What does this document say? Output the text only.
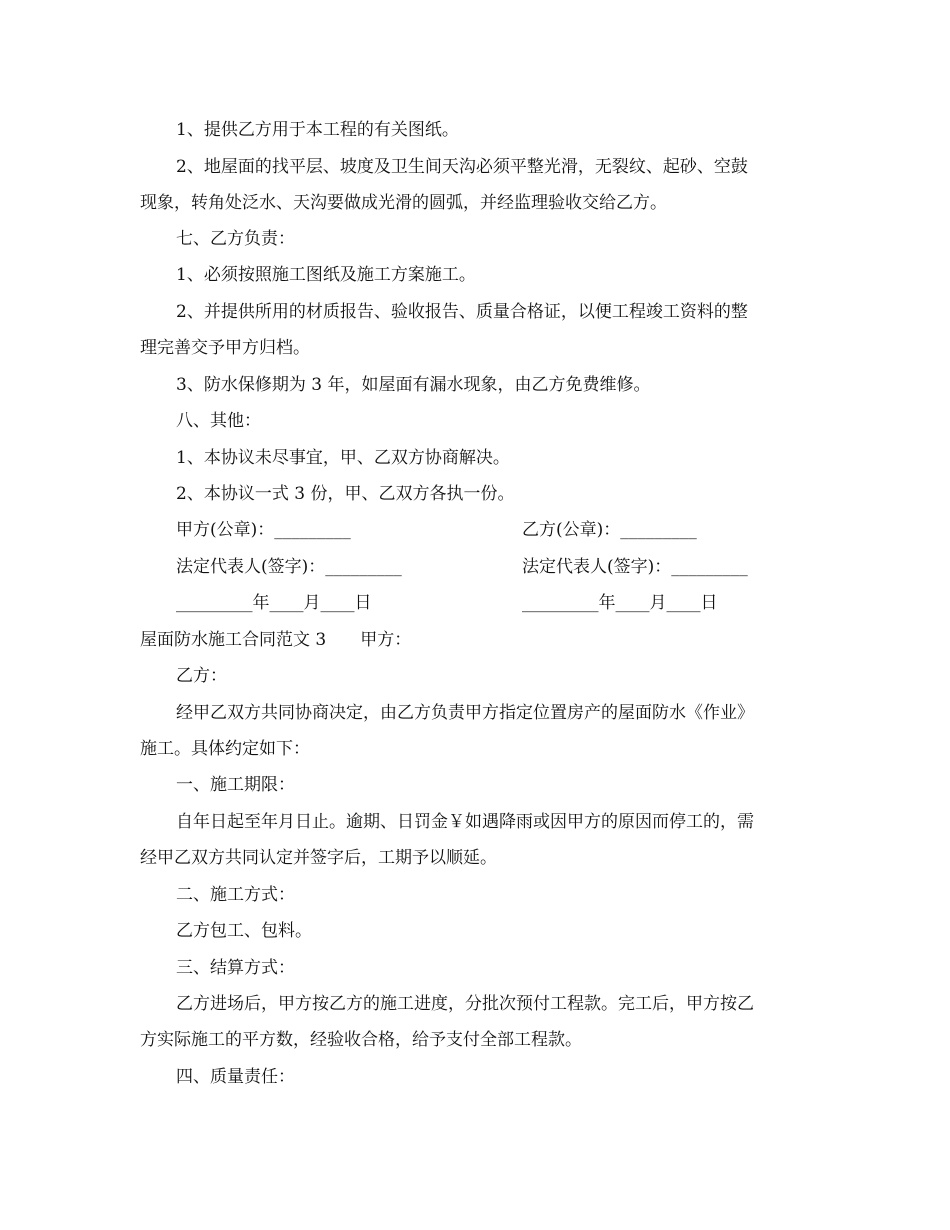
1、提供乙方用于本工程的有关图纸。
2、地屋面的找平层、坡度及卫生间天沟必须平整光滑，无裂纹、起砂、空鼓
现象，转角处泛水、天沟要做成光滑的圆弧，并经监理验收交给乙方。
七、乙方负责：
1、必须按照施工图纸及施工方案施工。
2、并提供所用的材质报告、验收报告、质量合格证，以便工程竣工资料的整
理完善交予甲方归档。
3、防水保修期为 3 年，如屋面有漏水现象，由乙方免费维修。
八、其他：
1、本协议未尽事宜，甲、乙双方协商解决。
2、本协议一式 3 份，甲、乙双方各执一份。
甲方(公章)：_________	乙方(公章)：_________
法定代表人(签字)：_________	法定代表人(签字)：_________
_________年____月____日	_________年____月____日
屋面防水施工合同范文 3　　甲方：
乙方：
经甲乙双方共同协商决定，由乙方负责甲方指定位置房产的屋面防水《作业》
施工。具体约定如下：
一、施工期限：
自年日起至年月日止。逾期、日罚金￥如遇降雨或因甲方的原因而停工的，需
经甲乙双方共同认定并签字后，工期予以顺延。
二、施工方式：
乙方包工、包料。
三、结算方式：
乙方进场后，甲方按乙方的施工进度，分批次预付工程款。完工后，甲方按乙
方实际施工的平方数，经验收合格，给予支付全部工程款。
四、质量责任：
